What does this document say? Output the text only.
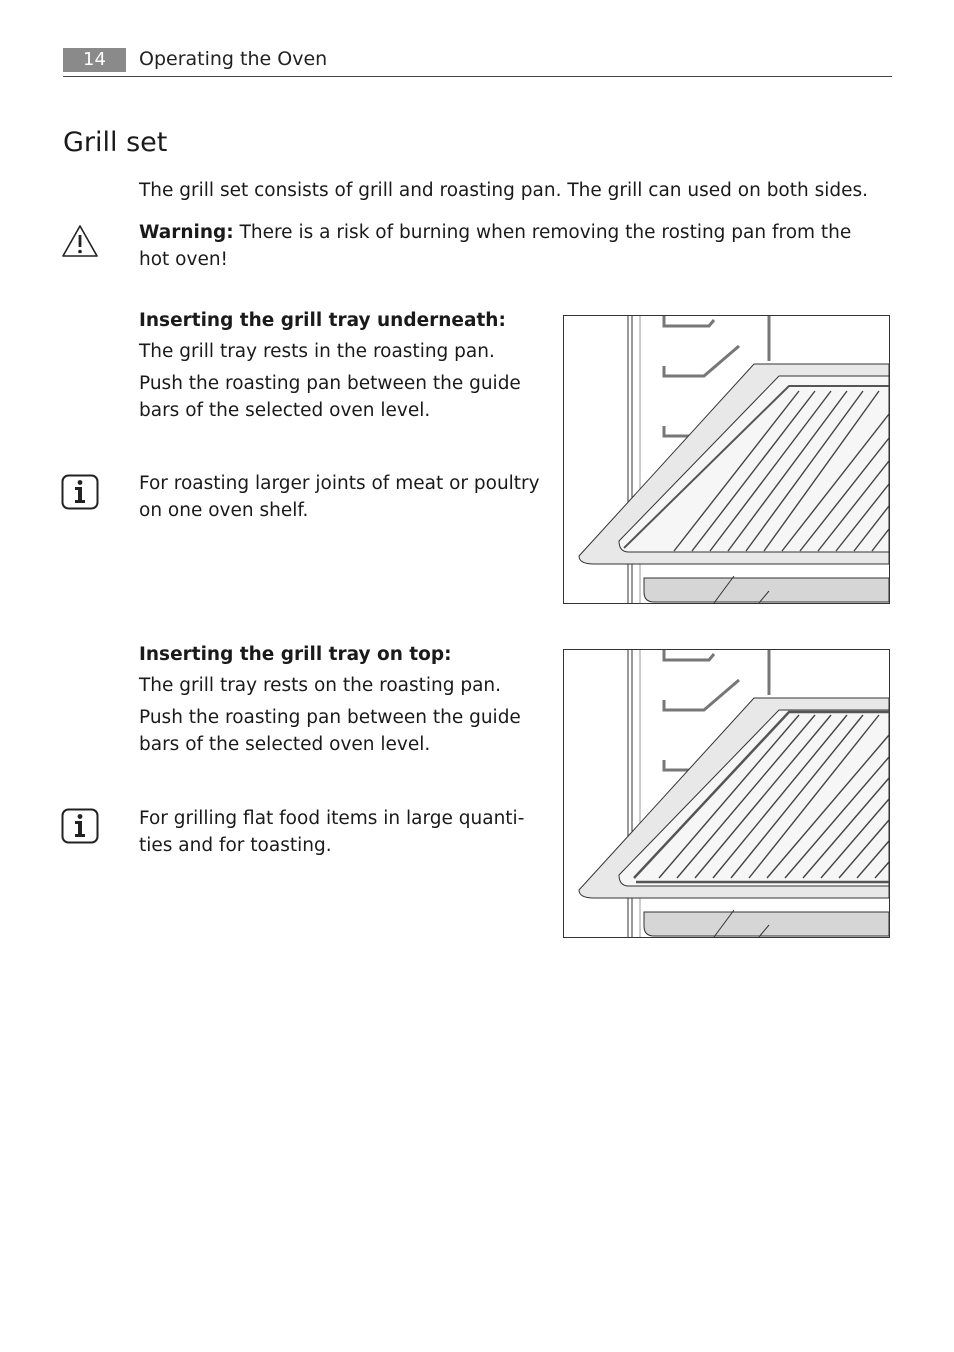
14	Operating the Oven
Grill set

The grill set consists of grill and roasting pan. The grill can used on both sides.

Warning: There is a risk of burning when removing the rosting pan from the
hot oven!

Inserting the grill tray underneath:

The grill tray rests in the roasting pan.

Push the roasting pan between the guide
bars of the selected oven level.

For roasting larger joints of meat or poultry
on one oven shelf.

Inserting the grill tray on top:

The grill tray rests on the roasting pan.

Push the roasting pan between the guide
bars of the selected oven level.

For grilling flat food items in large quanti-
ties and for toasting.
